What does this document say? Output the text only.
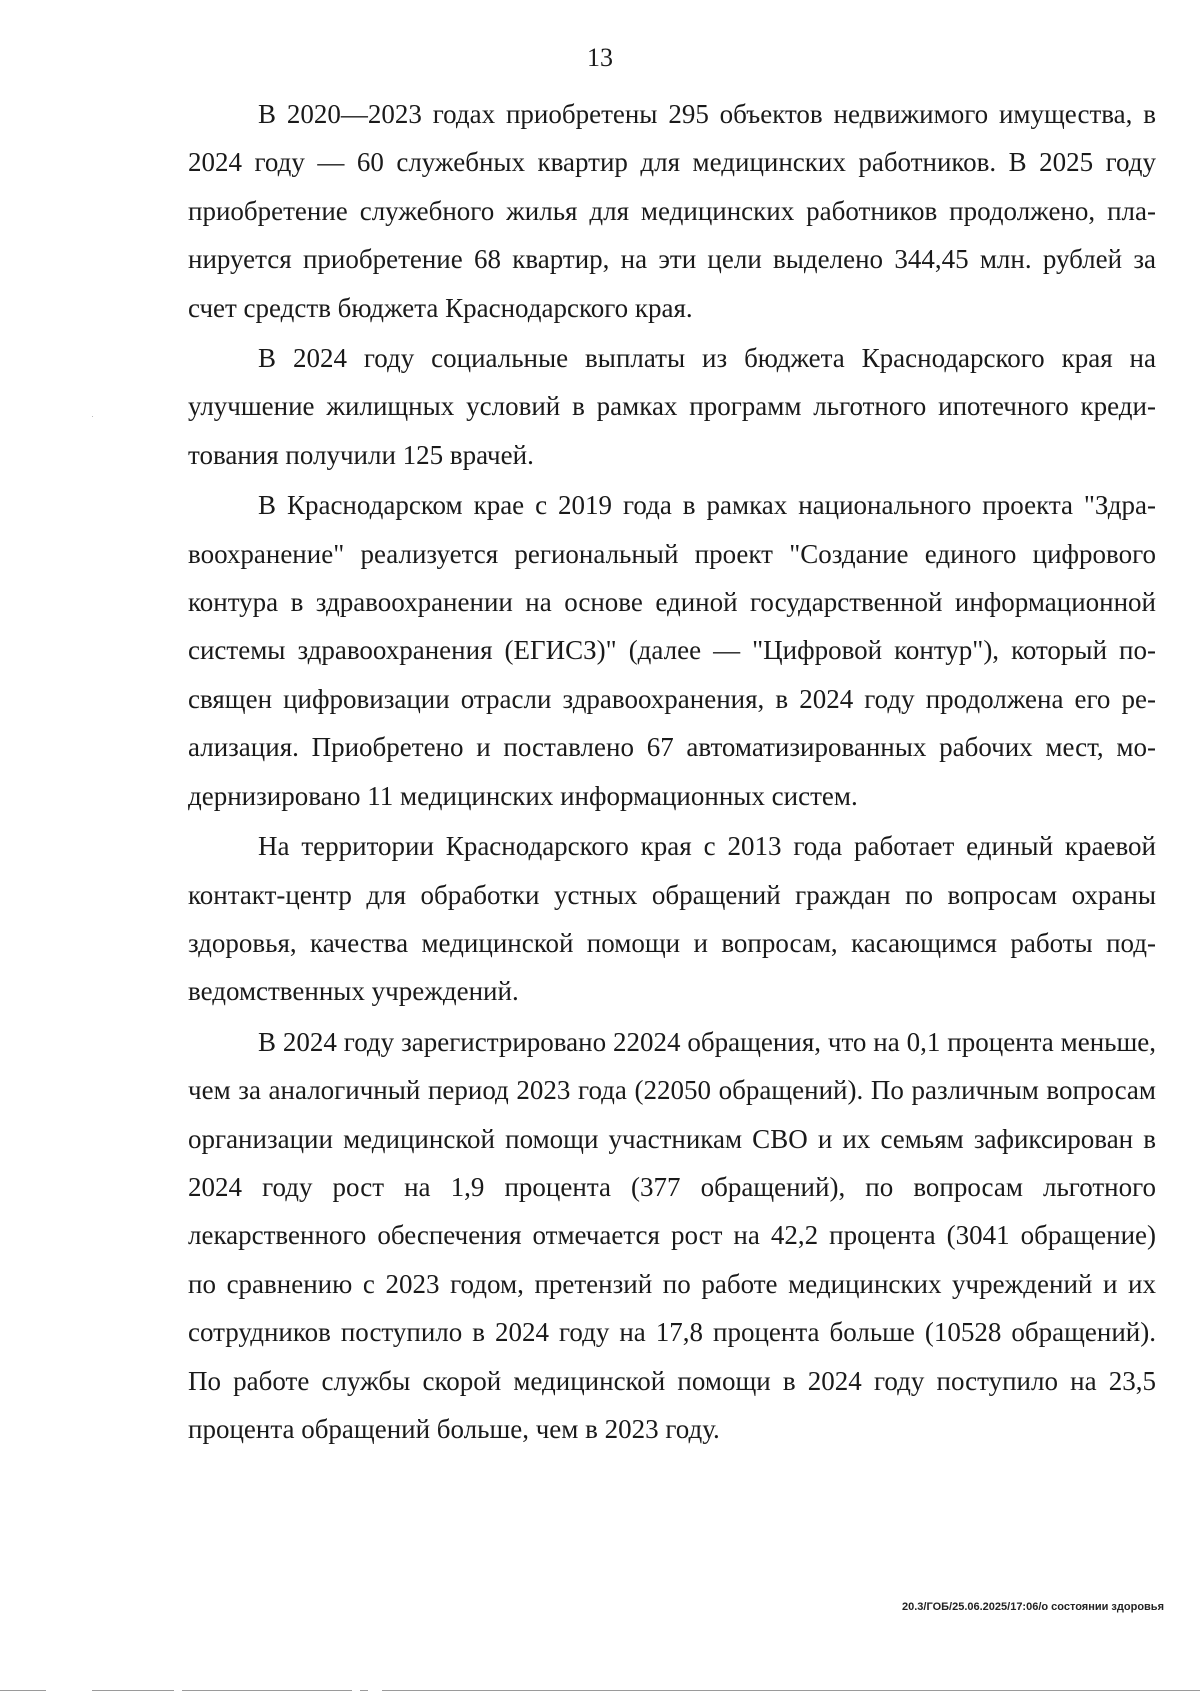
13

В 2020—2023 годах приобретены 295 объектов недвижимого имущества, в 2024 году — 60 служебных квартир для медицинских работников. В 2025 году приобретение служебного жилья для медицинских работников продолжено, планируется приобретение 68 квартир, на эти цели выделено 344,45 млн. рублей за счет средств бюджета Краснодарского края.

В 2024 году социальные выплаты из бюджета Краснодарского края на улучшение жилищных условий в рамках программ льготного ипотечного кредитования получили 125 врачей.

В Краснодарском крае с 2019 года в рамках национального проекта "Здравоохранение" реализуется региональный проект "Создание единого цифрового контура в здравоохранении на основе единой государственной информационной системы здравоохранения (ЕГИСЗ)" (далее — "Цифровой контур"), который посвящен цифровизации отрасли здравоохранения, в 2024 году продолжена его реализация. Приобретено и поставлено 67 автоматизированных рабочих мест, модернизировано 11 медицинских информационных систем.

На территории Краснодарского края с 2013 года работает единый краевой контакт-центр для обработки устных обращений граждан по вопросам охраны здоровья, качества медицинской помощи и вопросам, касающимся работы подведомственных учреждений.

В 2024 году зарегистрировано 22024 обращения, что на 0,1 процента меньше, чем за аналогичный период 2023 года (22050 обращений). По различным вопросам организации медицинской помощи участникам СВО и их семьям зафиксирован в 2024 году рост на 1,9 процента (377 обращений), по вопросам льготного лекарственного обеспечения отмечается рост на 42,2 процента (3041 обращение) по сравнению с 2023 годом, претензий по работе медицинских учреждений и их сотрудников поступило в 2024 году на 17,8 процента больше (10528 обращений). По работе службы скорой медицинской помощи в 2024 году поступило на 23,5 процента обращений больше, чем в 2023 году.

20.3/ГОБ/25.06.2025/17:06/о состоянии здоровья
